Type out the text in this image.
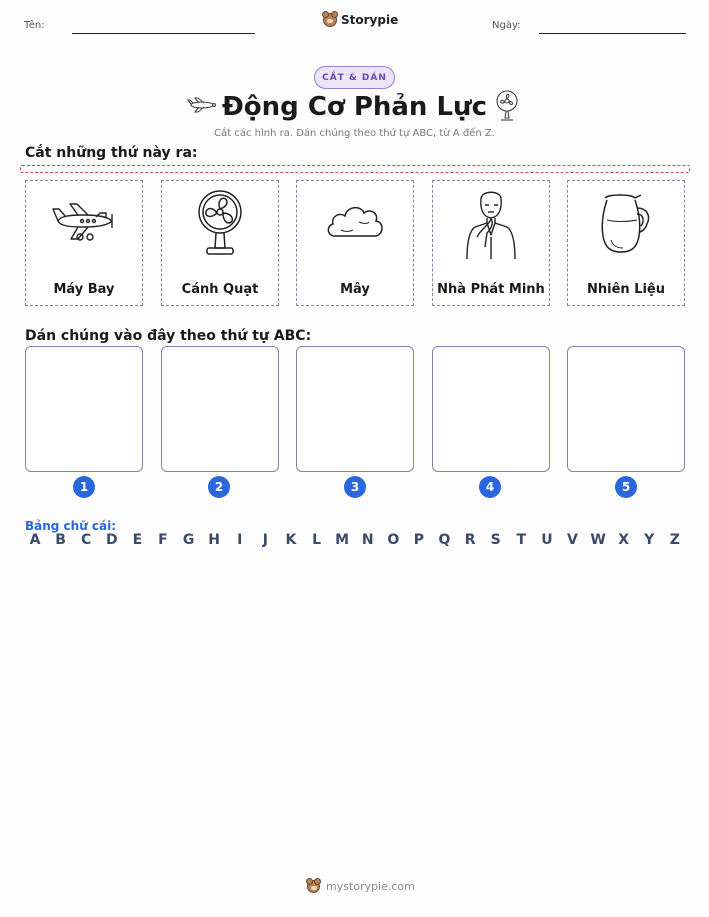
Tên:	Storypie	Ngày:
CẮT & DÁN
Động Cơ Phản Lực
Cắt các hình ra. Dán chúng theo thứ tự ABC, từ A đến Z.
Cắt những thứ này ra:
Máy Bay	Cánh Quạt	Mây	Nhà Phát Minh	Nhiên Liệu
Dán chúng vào đây theo thứ tự ABC:
1	2	3	4	5
Bảng chữ cái:
A	B	C	D	E	F	G H	I	J	K	L	M N O	P	Q	R	S	T	U	V W X	Y	Z
mystorypie.com
